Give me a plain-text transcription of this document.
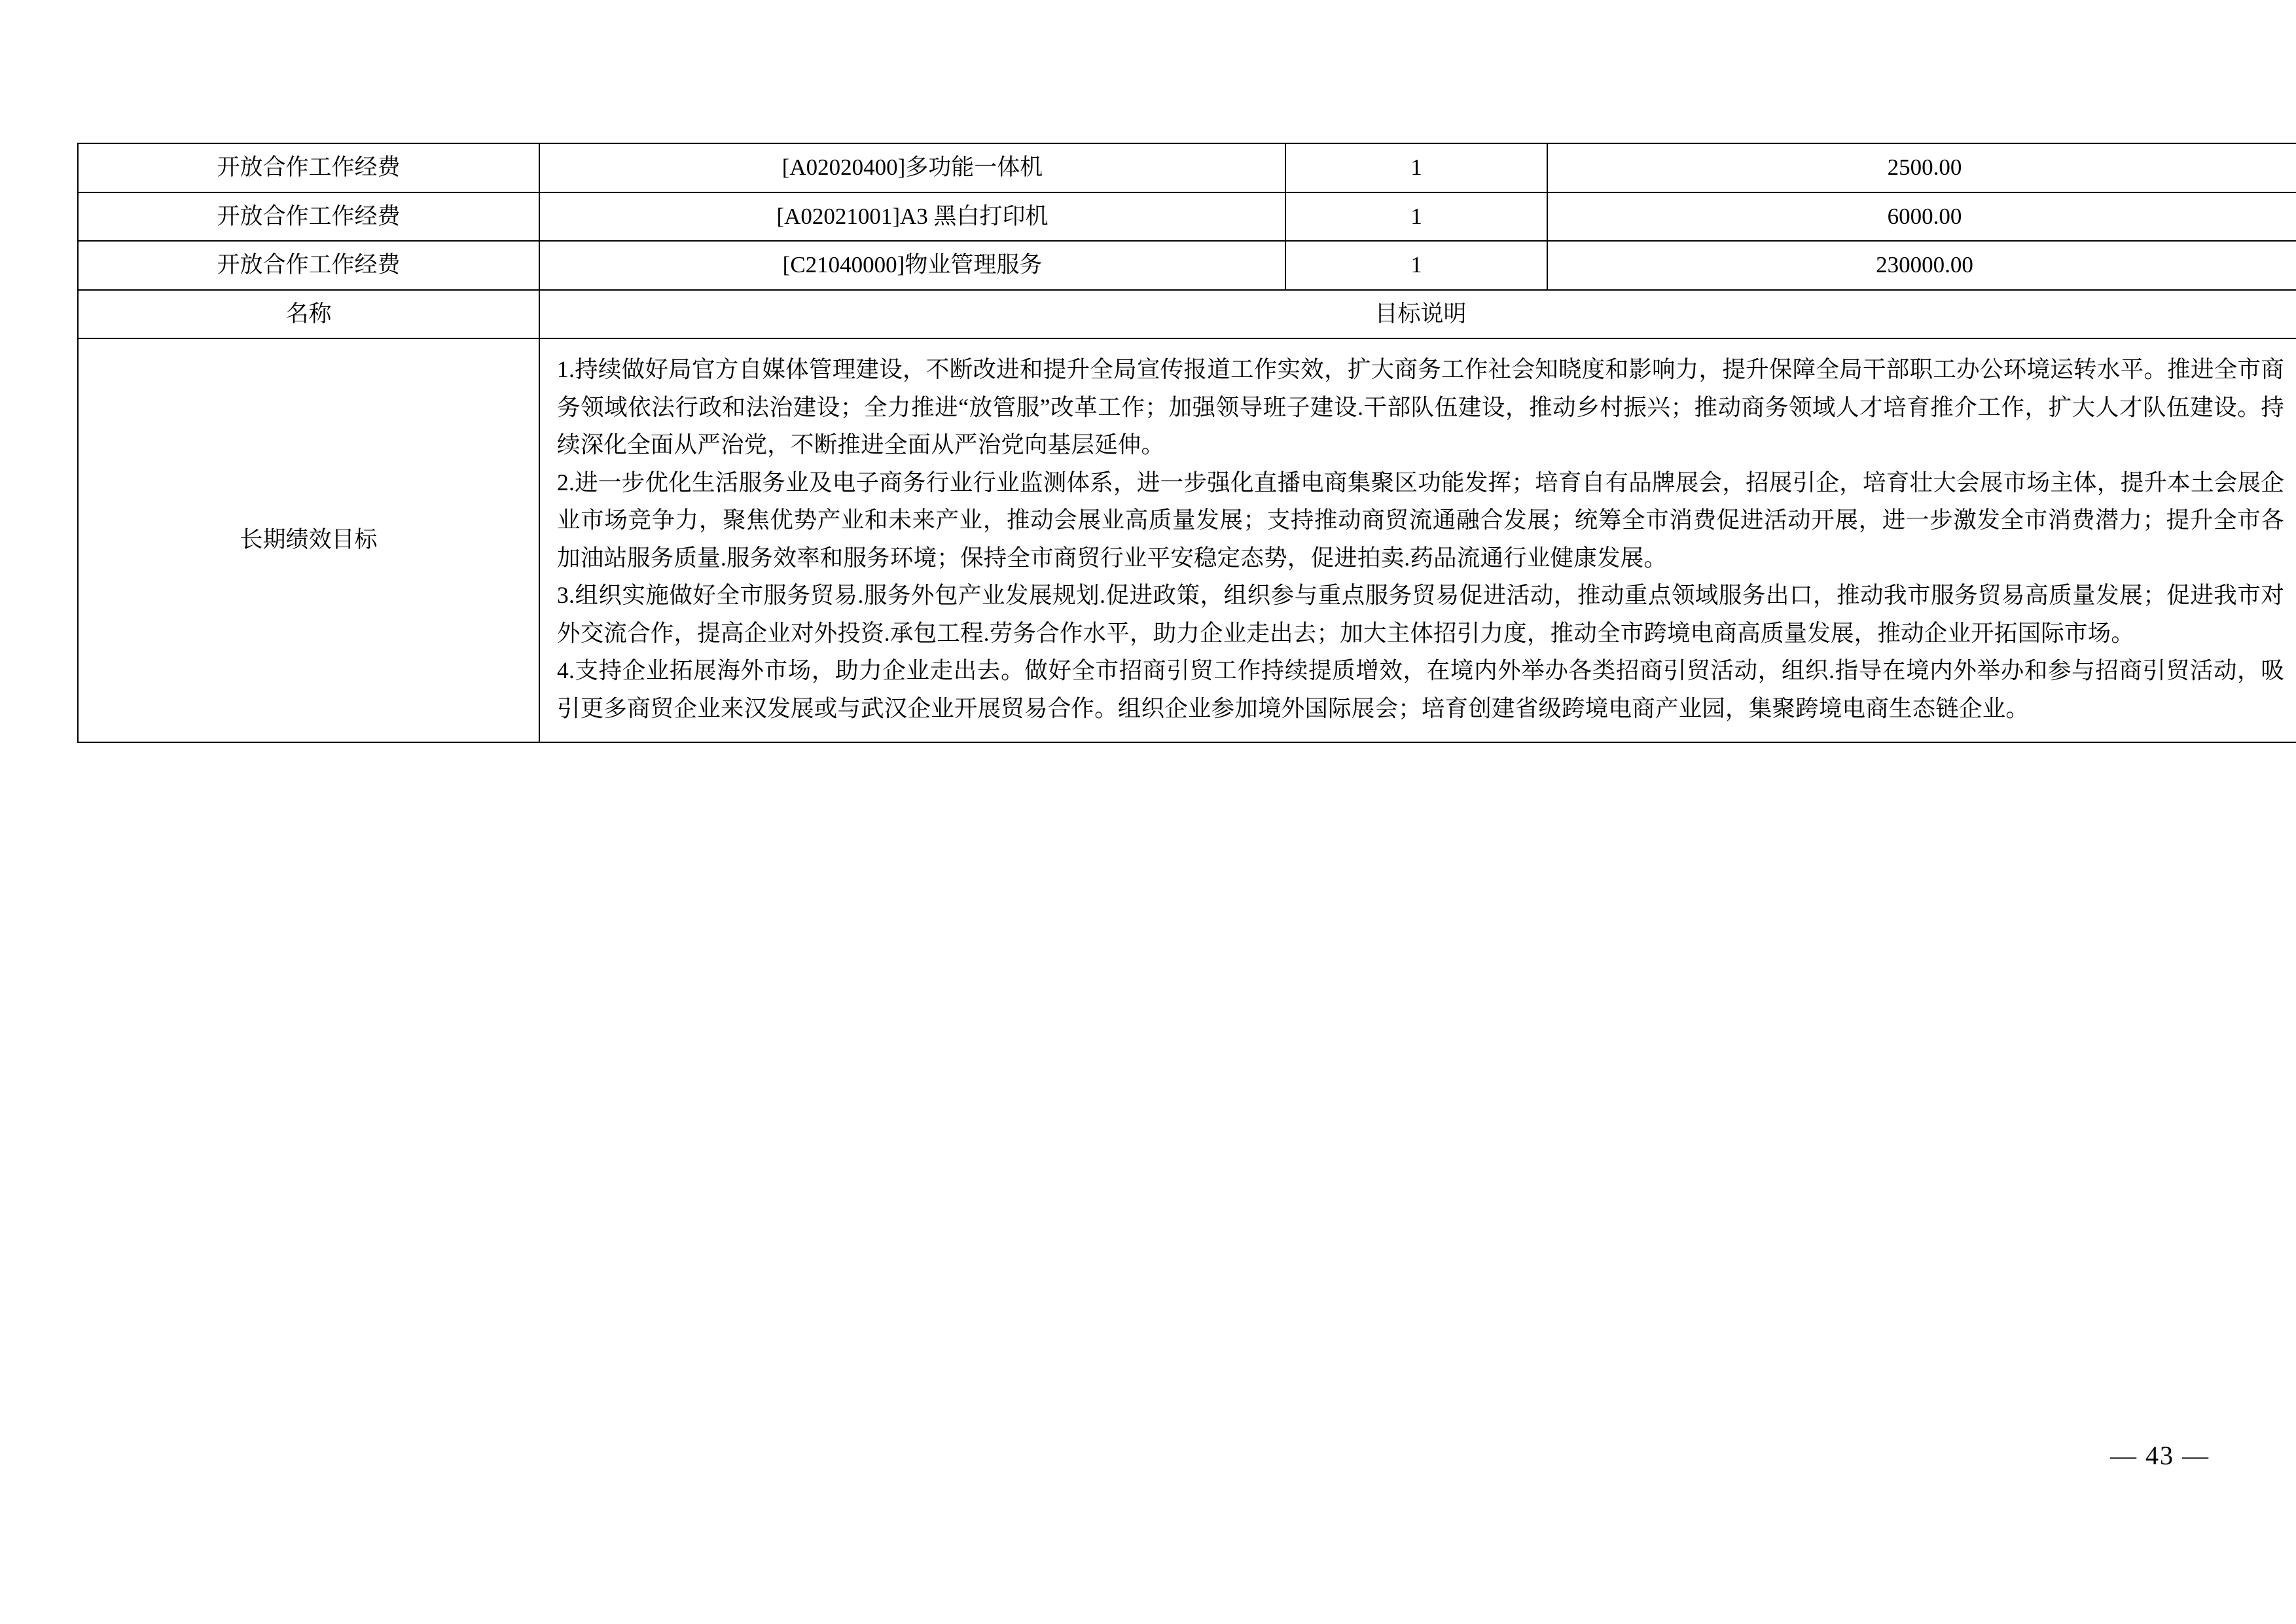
开放合作工作经费	[A02020400]多功能一体机	1	2500.00
开放合作工作经费	[A02021001]A3 黑白打印机	1	6000.00
开放合作工作经费	[C21040000]物业管理服务	1	230000.00
名称	目标说明		
长期绩效目标	1.持续做好局官方自媒体管理建设，不断改进和提升全局宣传报道工作实效，扩大商务工作社会知晓度和影响力，提升保障全局干部职工办公环境运转水平。推进全市商务领域依法行政和法治建设；全力推进“放管服”改革工作；加强领导班子建设.干部队伍建设，推动乡村振兴；推动商务领域人才培育推介工作，扩大人才队伍建设。持续深化全面从严治党，不断推进全面从严治党向基层延伸。

2.进一步优化生活服务业及电子商务行业行业监测体系，进一步强化直播电商集聚区功能发挥；培育自有品牌展会，招展引企，培育壮大会展市场主体，提升本土会展企业市场竞争力，聚焦优势产业和未来产业，推动会展业高质量发展；支持推动商贸流通融合发展；统筹全市消费促进活动开展，进一步激发全市消费潜力；提升全市各加油站服务质量.服务效率和服务环境；保持全市商贸行业平安稳定态势，促进拍卖.药品流通行业健康发展。

3.组织实施做好全市服务贸易.服务外包产业发展规划.促进政策，组织参与重点服务贸易促进活动，推动重点领域服务出口，推动我市服务贸易高质量发展；促进我市对外交流合作，提高企业对外投资.承包工程.劳务合作水平，助力企业走出去；加大主体招引力度，推动全市跨境电商高质量发展，推动企业开拓国际市场。

4.支持企业拓展海外市场，助力企业走出去。做好全市招商引贸工作持续提质增效，在境内外举办各类招商引贸活动，组织.指导在境内外举办和参与招商引贸活动，吸引更多商贸企业来汉发展或与武汉企业开展贸易合作。组织企业参加境外国际展会；培育创建省级跨境电商产业园，集聚跨境电商生态链企业。		

— 43 —
